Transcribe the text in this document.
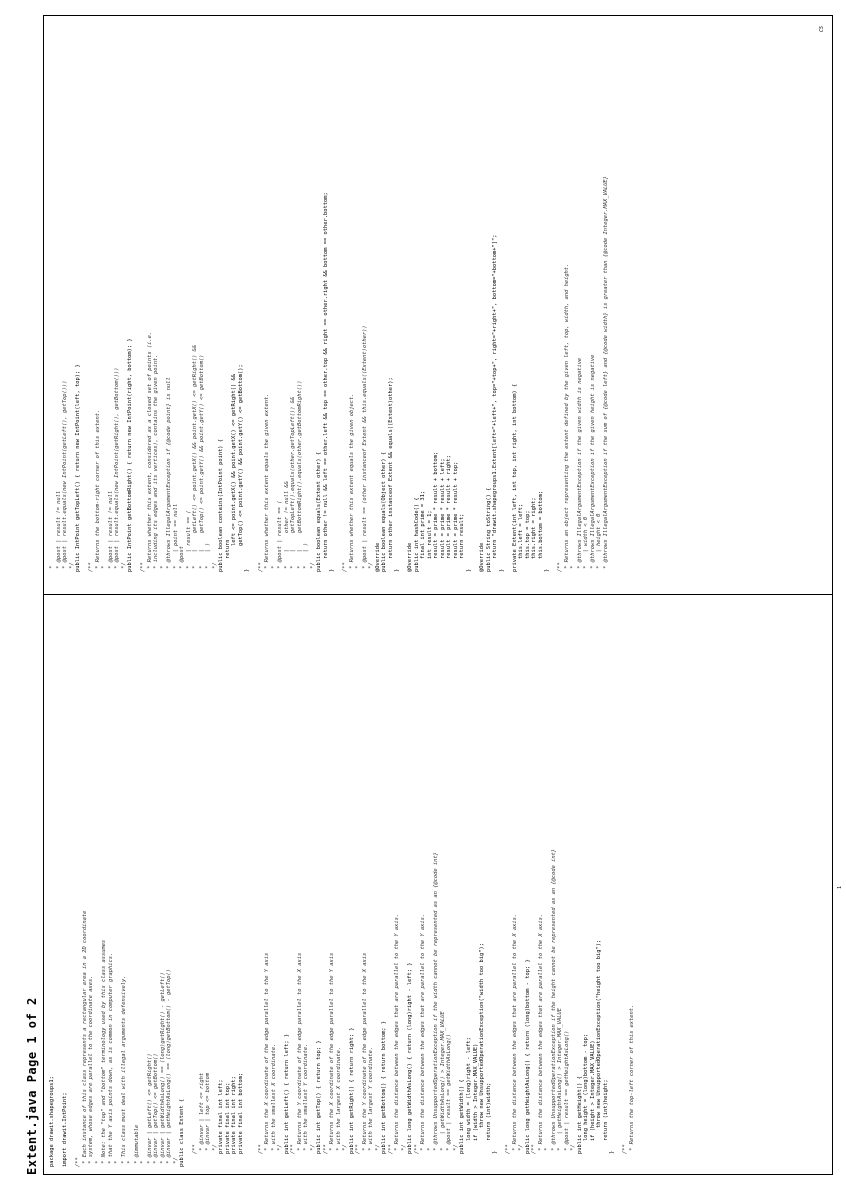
Extent.java Page 1 of 2 package drawit.shapegroups1; import drawit.IntPoint; /** * Each instance of this class represents a rectangular area in a 2D coordinate * system, whose edges are parallel to the coordinate axes. * * Note: the "top" and "bottom" terminology used by this class assumes * that the Y axis points down, as is common in computer graphics. * * This class must deal with illegal arguments defensively. * * @immutable * * @invar | getLeft() <= getRight() * @invar | getTop() <= getBottom() * @invar | getWidthAsLong() == (long)getRight() - getLeft() * @invar | getHeightAsLong() == (long)getBottom() - getTop() */ public class Extent { /** * @invar | left <= right * @invar | top <= bottom */ private final int left; private final int top; private final int right; private final int bottom;	/** * Returns the X coordinate of the edge parallel to the Y axis * with the smallest X coordinate. */ public int getLeft() { return left; } /** * Returns the Y coordinate of the edge parallel to the X axis * with the smallest Y coordinate. */ public int getTop() { return top; } /** * Returns the X coordinate of the edge parallel to the Y axis * with the largest X coordinate. */ public int getRight() { return right; } /** * Returns the Y coordinate of the edge parallel to the X axis * with the largest Y coordinate. */ public int getBottom() { return bottom; } /** * Returns the distance between the edges that are parallel to the Y axis. */ public long getWidthAsLong() { return (long)right - left; } /** * Returns the distance between the edges that are parallel to the Y axis. * * @throws UnsupportedOperationException if the width cannot be represented as an {@code int} *    | getWidthAsLong() > Integer.MAX_VALUE * @post | result == getWidthAsLong() */ public int getWidth() { long width = (long)right - left; if (width > Integer.MAX_VALUE) throw new UnsupportedOperationException("width too big"); return (int)width; } /** * Returns the distance between the edges that are parallel to the X axis. */ public long getHeightAsLong() { return (long)bottom - top; } /** * Returns the distance between the edges that are parallel to the X axis. * * @throws UnsupportedOperationException if the height cannot be represented as an {@code int} *    | getHeightAsLong() > Integer.MAX_VALUE * @post | result == getHeightAsLong() */ public int getHeight() { long height = (long)bottom - top; if (height > Integer.MAX_VALUE) throw new UnsupportedOperationException("height too big"); return (int)height; } /** * Returns the top-left corner of this extent.
* * @post | result != null * @post | result.equals(new IntPoint(getLeft(), getTop())) */ public IntPoint getTopLeft() { return new IntPoint(left, top); } /** * Returns the bottom-right corner of this extent. * * @post | result != null * @post | result.equals(new IntPoint(getRight(), getBottom())) */ public IntPoint getBottomRight() { return new IntPoint(right, bottom); } /** * Returns whether this extent, considered as a closed set of points (i.e. * including its edges and its vertices), contains the given point. * * @throws IllegalArgumentException if {@code point} is null *    | point == null * @post *    | result == ( *    |     getLeft() <= point.getX() && point.getX() <= getRight() && *    |     getTop() <= point.getY() && point.getY() <= getBottom() *    | ) */ public boolean contains(IntPoint point) { return left <= point.getX() && point.getX() <= getRight() && getTop() <= point.getY() && point.getY() <= getBottom(); } /** * Returns whether this extent equals the given extent. * * @post | result == ( *    |     other != null && *    |     getTopLeft().equals(other.getTopLeft()) && *    |     getBottomRight().equals(other.getBottomRight()) *    | ) */ public boolean equals(Extent other) { return other != null && left == other.left && top == other.top && right == other.right && bottom == other.bottom; } /** * Returns whether this extent equals the given object. * * @post | result == (other instanceof Extent && this.equals((Extent)other)) */ @Override public boolean equals(Object other) { return other instanceof Extent && equals((Extent)other); } @Override public int hashCode() { final int prime = 31; int result = 1; result = prime * result + bottom; result = prime * result + left; result = prime * result + right; result = prime * result + top; return result; } @Override public String toString() { return "drawit.shapegroups1.Extent[left="+left+", top="+top+", right="+right+", bottom="+bottom+"]"; } private Extent(int left, int top, int right, int bottom) { this.left = left; this.top = top; this.right = right; this.bottom = bottom; } /** * Returns an object representing the extent defined by the given left, top, width, and height. * * @throws IllegalArgumentException if the given width is negative *    | width < 0 * @throws IllegalArgumentException if the given height is negative *    | height < 0 * @throws IllegalArgumentException if the sum of {@code left} and {@code width} is greater than {@code Integer.MAX_VALUE}
C5
1
